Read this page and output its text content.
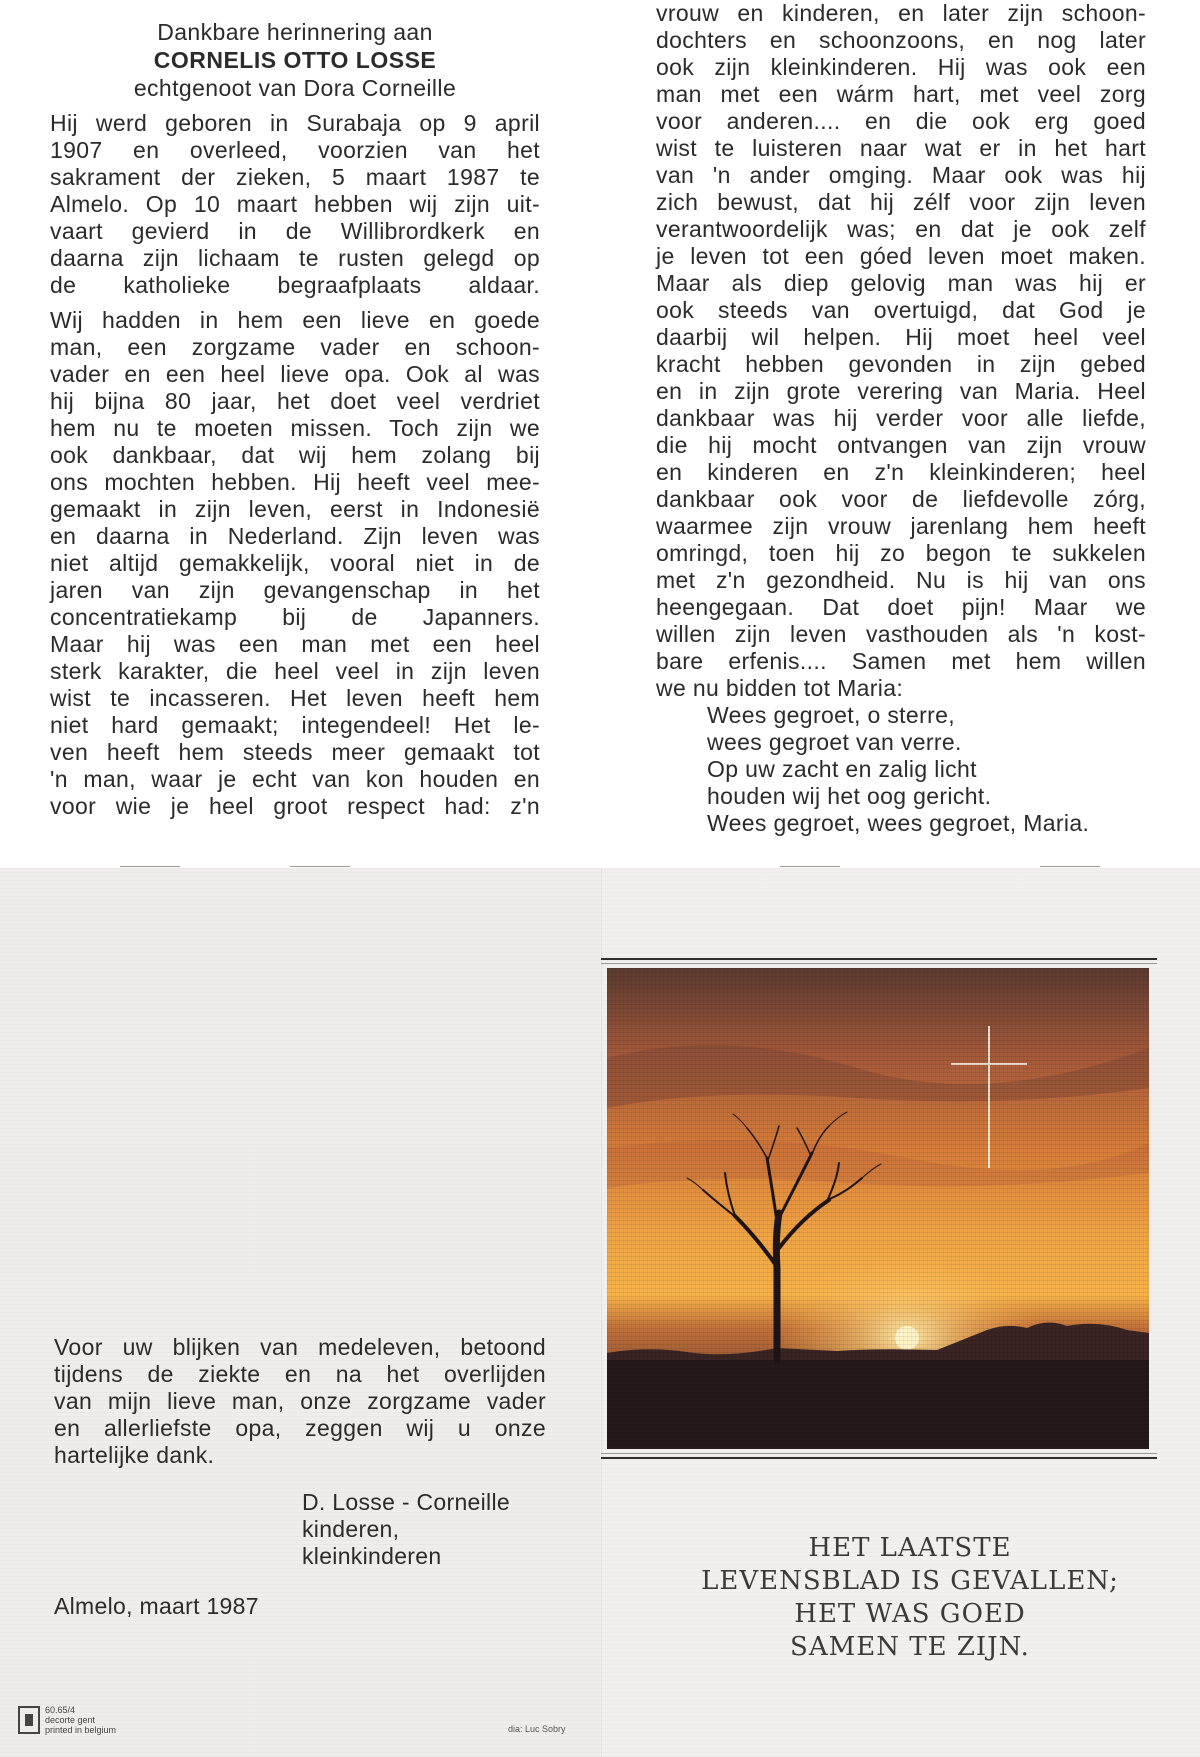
Dankbare herinnering aan
CORNELIS OTTO LOSSE
echtgenoot van Dora Corneille
Hij werd geboren in Surabaja op 9 april
1907 en overleed, voorzien van het
sakrament der zieken, 5 maart 1987 te
Almelo. Op 10 maart hebben wij zijn uit-
vaart gevierd in de Willibrordkerk en
daarna zijn lichaam te rusten gelegd op
de katholieke begraafplaats aldaar.
Wij hadden in hem een lieve en goede
man, een zorgzame vader en schoon-
vader en een heel lieve opa. Ook al was
hij bijna 80 jaar, het doet veel verdriet
hem nu te moeten missen. Toch zijn we
ook dankbaar, dat wij hem zolang bij
ons mochten hebben. Hij heeft veel mee-
gemaakt in zijn leven, eerst in Indonesië
en daarna in Nederland. Zijn leven was
niet altijd gemakkelijk, vooral niet in de
jaren van zijn gevangenschap in het
concentratiekamp bij de Japanners.
Maar hij was een man met een heel
sterk karakter, die heel veel in zijn leven
wist te incasseren. Het leven heeft hem
niet hard gemaakt; integendeel! Het le-
ven heeft hem steeds meer gemaakt tot
'n man, waar je echt van kon houden en
voor wie je heel groot respect had: z'n
vrouw en kinderen, en later zijn schoon-
dochters en schoonzoons, en nog later
ook zijn kleinkinderen. Hij was ook een
man met een wárm hart, met veel zorg
voor anderen.... en die ook erg goed
wist te luisteren naar wat er in het hart
van 'n ander omging. Maar ook was hij
zich bewust, dat hij zélf voor zijn leven
verantwoordelijk was; en dat je ook zelf
je leven tot een góed leven moet maken.
Maar als diep gelovig man was hij er
ook steeds van overtuigd, dat God je
daarbij wil helpen. Hij moet heel veel
kracht hebben gevonden in zijn gebed
en in zijn grote verering van Maria. Heel
dankbaar was hij verder voor alle liefde,
die hij mocht ontvangen van zijn vrouw
en kinderen en z'n kleinkinderen; heel
dankbaar ook voor de liefdevolle zórg,
waarmee zijn vrouw jarenlang hem heeft
omringd, toen hij zo begon te sukkelen
met z'n gezondheid. Nu is hij van ons
heengegaan. Dat doet pijn! Maar we
willen zijn leven vasthouden als 'n kost-
bare erfenis.... Samen met hem willen
we nu bidden tot Maria:
Wees gegroet, o sterre,
wees gegroet van verre.
Op uw zacht en zalig licht
houden wij het oog gericht.
Wees gegroet, wees gegroet, Maria.
Voor uw blijken van medeleven, betoond
tijdens de ziekte en na het overlijden
van mijn lieve man, onze zorgzame vader
en allerliefste opa, zeggen wij u onze
hartelijke dank.
D. Losse - Corneille
kinderen,
kleinkinderen
Almelo, maart 1987
60.65/4
decorte gent
printed in belgium	dia: Luc Sobry
HET LAATSTE
LEVENSBLAD IS GEVALLEN;
HET WAS GOED
SAMEN TE ZIJN.
